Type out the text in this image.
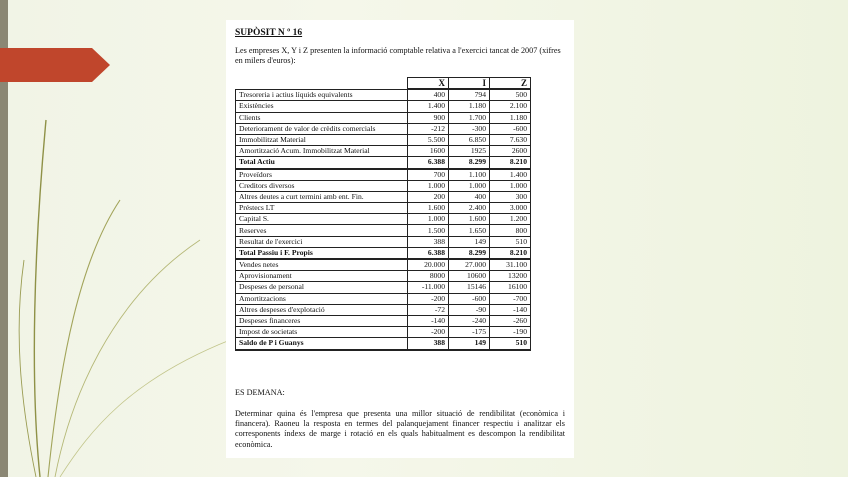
SUPÒSIT N º 16
Les empreses X, Y i Z presenten la informació comptable relativa a l'exercici tancat de 2007 (xifres en milers d'euros):
	X	I	Z
Tresoreria i actius líquids equivalents	400	794	500
Existències	1.400	1.180	2.100
Clients	900	1.700	1.180
Deteriorament de valor de crèdits comercials	-212	-300	-600
Immobilitzat Material	5.500	6.850	7.630
Amortització Acum. Immobilitzat Material	1600	1925	2600
Total Actiu	6.388	8.299	8.210
Proveïdors	700	1.100	1.400
Creditors diversos	1.000	1.000	1.000
Altres deutes a curt termini amb ent. Fin.	200	400	300
Préstecs LT	1.600	2.400	3.000
Capital S.	1.000	1.600	1.200
Reserves	1.500	1.650	800
Resultat de l'exercici	388	149	510
Total Passiu i F. Propis	6.388	8.299	8.210
Vendes netes	20.000	27.000	31.100
Aprovisionament	8000	10600	13200
Despeses de personal	-11.000	15146	16100
Amortitzacions	-200	-600	-700
Altres despeses d'explotació	-72	-90	-140
Despeses financeres	-140	-240	-260
Impost de societats	-200	-175	-190
Saldo de P i Guanys	388	149	510
ES DEMANA:
Determinar quina és l'empresa que presenta una millor situació de rendibilitat (econòmica i financera). Raoneu la resposta en termes del palanquejament financer respectiu i analitzar els corresponents índexs de marge i rotació en els quals habitualment es descompon la rendibilitat econòmica.
